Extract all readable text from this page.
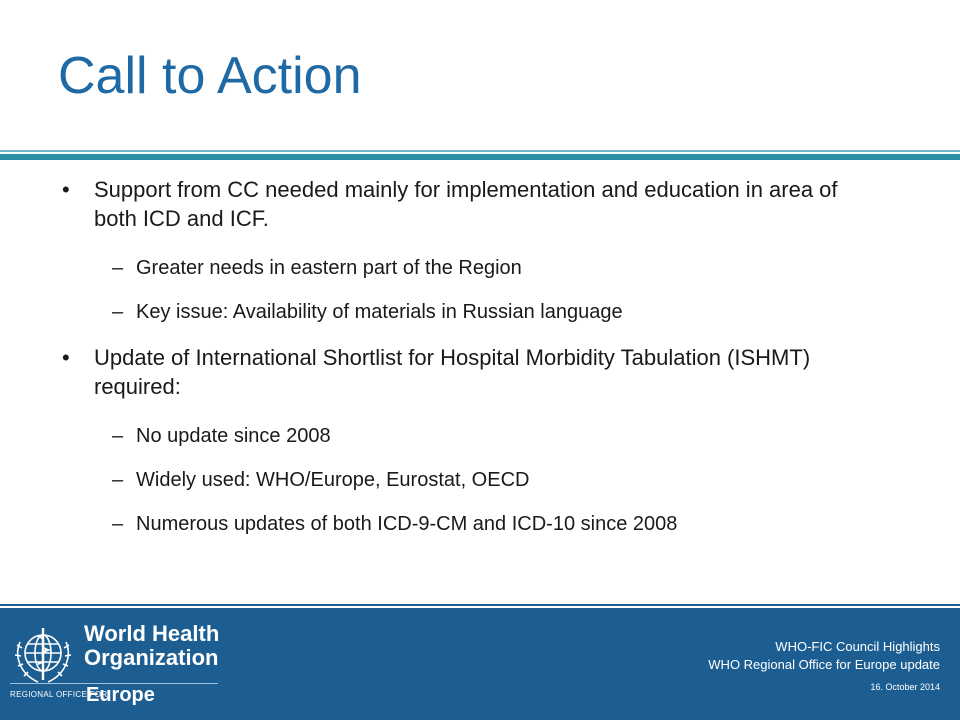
Call to Action
• Support from CC needed mainly for implementation and education in area of both ICD and ICF.
– Greater needs in eastern part of the Region
– Key issue: Availability of materials in Russian language
• Update of International Shortlist for Hospital Morbidity Tabulation (ISHMT) required:
– No update since 2008
– Widely used: WHO/Europe, Eurostat, OECD
– Numerous updates of both ICD-9-CM and ICD-10 since 2008
World Health
Organization
REGIONAL OFFICE FOR
Europe
WHO-FIC Council Highlights
WHO Regional Office for Europe update
16. October 2014
